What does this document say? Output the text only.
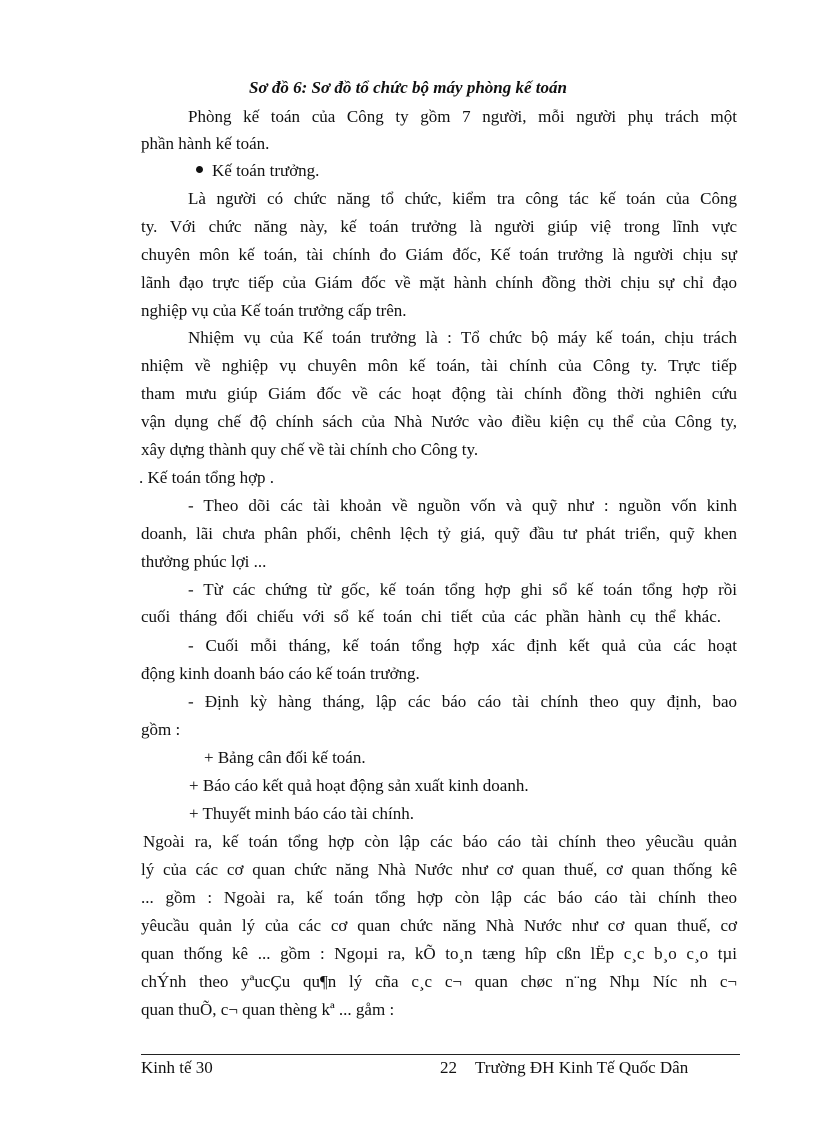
Sơ đồ 6: Sơ đồ tổ chức bộ máy phòng kế toán
Phòng kế toán của Công ty gồm 7 người, mỗi người phụ trách một
phần hành kế toán.
Kế toán trưởng.
Là người có chức năng tổ chức, kiểm tra công tác kế toán của Công
ty. Với chức năng này, kế toán trưởng là người giúp việ trong lĩnh vực
chuyên môn kế toán, tài chính đo Giám đốc, Kế toán trưởng là người chịu sự
lãnh đạo trực tiếp của Giám đốc về mặt hành chính đồng thời chịu sự chỉ đạo
nghiệp vụ của Kế toán trưởng cấp trên.
Nhiệm vụ của Kế toán trưởng là : Tổ chức bộ máy kế toán, chịu trách
nhiệm về nghiệp vụ chuyên môn kế toán, tài chính của Công ty. Trực tiếp
tham mưu giúp Giám đốc về các hoạt động tài chính đồng thời nghiên cứu
vận dụng chế độ chính sách của Nhà Nước vào điều kiện cụ thể của Công ty,
xây dựng thành quy chế về tài chính cho Công ty.
. Kế toán tổng hợp .
- Theo dõi các tài khoản về nguồn vốn và quỹ như : nguồn vốn kinh
doanh, lãi chưa phân phối, chênh lệch tỷ giá, quỹ đầu tư phát triển, quỹ khen
thưởng phúc lợi ...
- Từ các chứng từ gốc, kế toán tổng hợp ghi sổ kế toán tổng hợp rồi
cuối tháng đối chiếu với sổ kế toán chi tiết của các phần hành cụ thể khác.
- Cuối mỗi tháng, kế toán tổng hợp xác định kết quả của các hoạt
động kinh doanh báo cáo kế toán trưởng.
- Định kỳ hàng tháng, lập các báo cáo tài chính theo quy định, bao
gồm :
+ Bảng cân đối kế toán.
+ Báo cáo kết quả hoạt động sản xuất kinh doanh.
+ Thuyết minh báo cáo tài chính.
Ngoài ra, kế toán tổng hợp còn lập các báo cáo tài chính theo yêucầu quản
lý của các cơ quan chức năng Nhà Nước như cơ quan thuế, cơ quan thống kê
... gồm : Ngoài ra, kế toán tổng hợp còn lập các báo cáo tài chính theo
yêucầu quản lý của các cơ quan chức năng Nhà Nước như cơ quan thuế, cơ
quan thống kê ... gồm : Ngoµi ra, kÕ to¸n tæng hîp cßn lËp c¸c b¸o c¸o tµi
chÝnh theo yªucÇu qu¶n lý cña c¸c c¬ quan chøc n¨ng Nhµ Níc nh c¬
quan thuÕ, c¬ quan thèng kª ... gåm :
Kinh tế 30	22 Trường ĐH Kinh Tế Quốc Dân
